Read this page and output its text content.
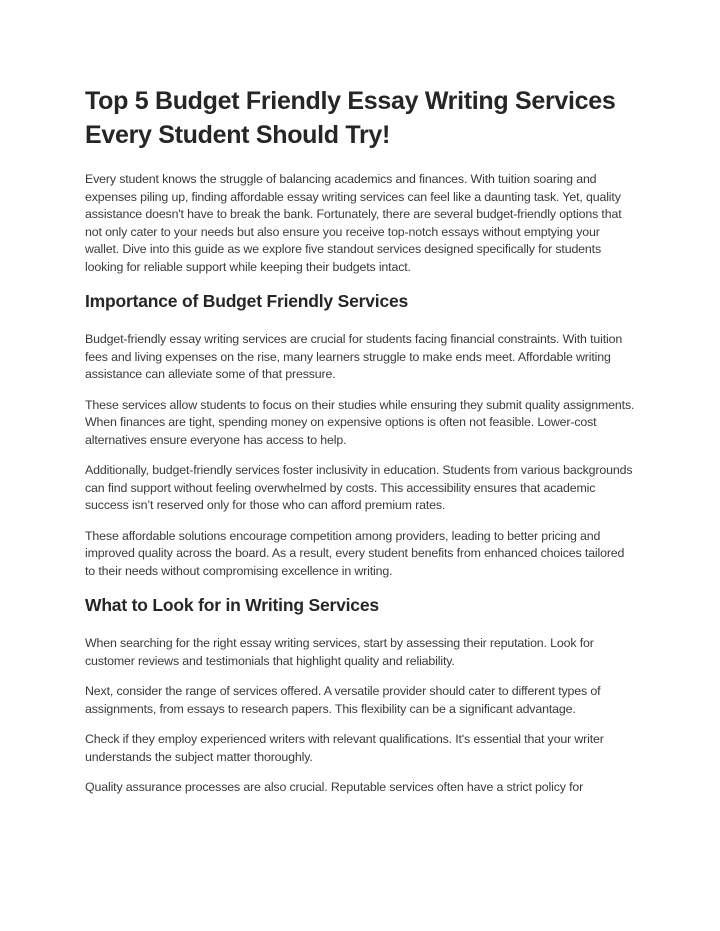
Top 5 Budget Friendly Essay Writing Services Every Student Should Try!

Every student knows the struggle of balancing academics and finances. With tuition soaring and expenses piling up, finding affordable essay writing services can feel like a daunting task. Yet, quality assistance doesn't have to break the bank. Fortunately, there are several budget-friendly options that not only cater to your needs but also ensure you receive top-notch essays without emptying your wallet. Dive into this guide as we explore five standout services designed specifically for students looking for reliable support while keeping their budgets intact.

Importance of Budget Friendly Services

Budget-friendly essay writing services are crucial for students facing financial constraints. With tuition fees and living expenses on the rise, many learners struggle to make ends meet. Affordable writing assistance can alleviate some of that pressure.

These services allow students to focus on their studies while ensuring they submit quality assignments. When finances are tight, spending money on expensive options is often not feasible. Lower-cost alternatives ensure everyone has access to help.

Additionally, budget-friendly services foster inclusivity in education. Students from various backgrounds can find support without feeling overwhelmed by costs. This accessibility ensures that academic success isn’t reserved only for those who can afford premium rates.

These affordable solutions encourage competition among providers, leading to better pricing and improved quality across the board. As a result, every student benefits from enhanced choices tailored to their needs without compromising excellence in writing.

What to Look for in Writing Services

When searching for the right essay writing services, start by assessing their reputation. Look for customer reviews and testimonials that highlight quality and reliability.

Next, consider the range of services offered. A versatile provider should cater to different types of assignments, from essays to research papers. This flexibility can be a significant advantage.

Check if they employ experienced writers with relevant qualifications. It's essential that your writer understands the subject matter thoroughly.

Quality assurance processes are also crucial. Reputable services often have a strict policy for
